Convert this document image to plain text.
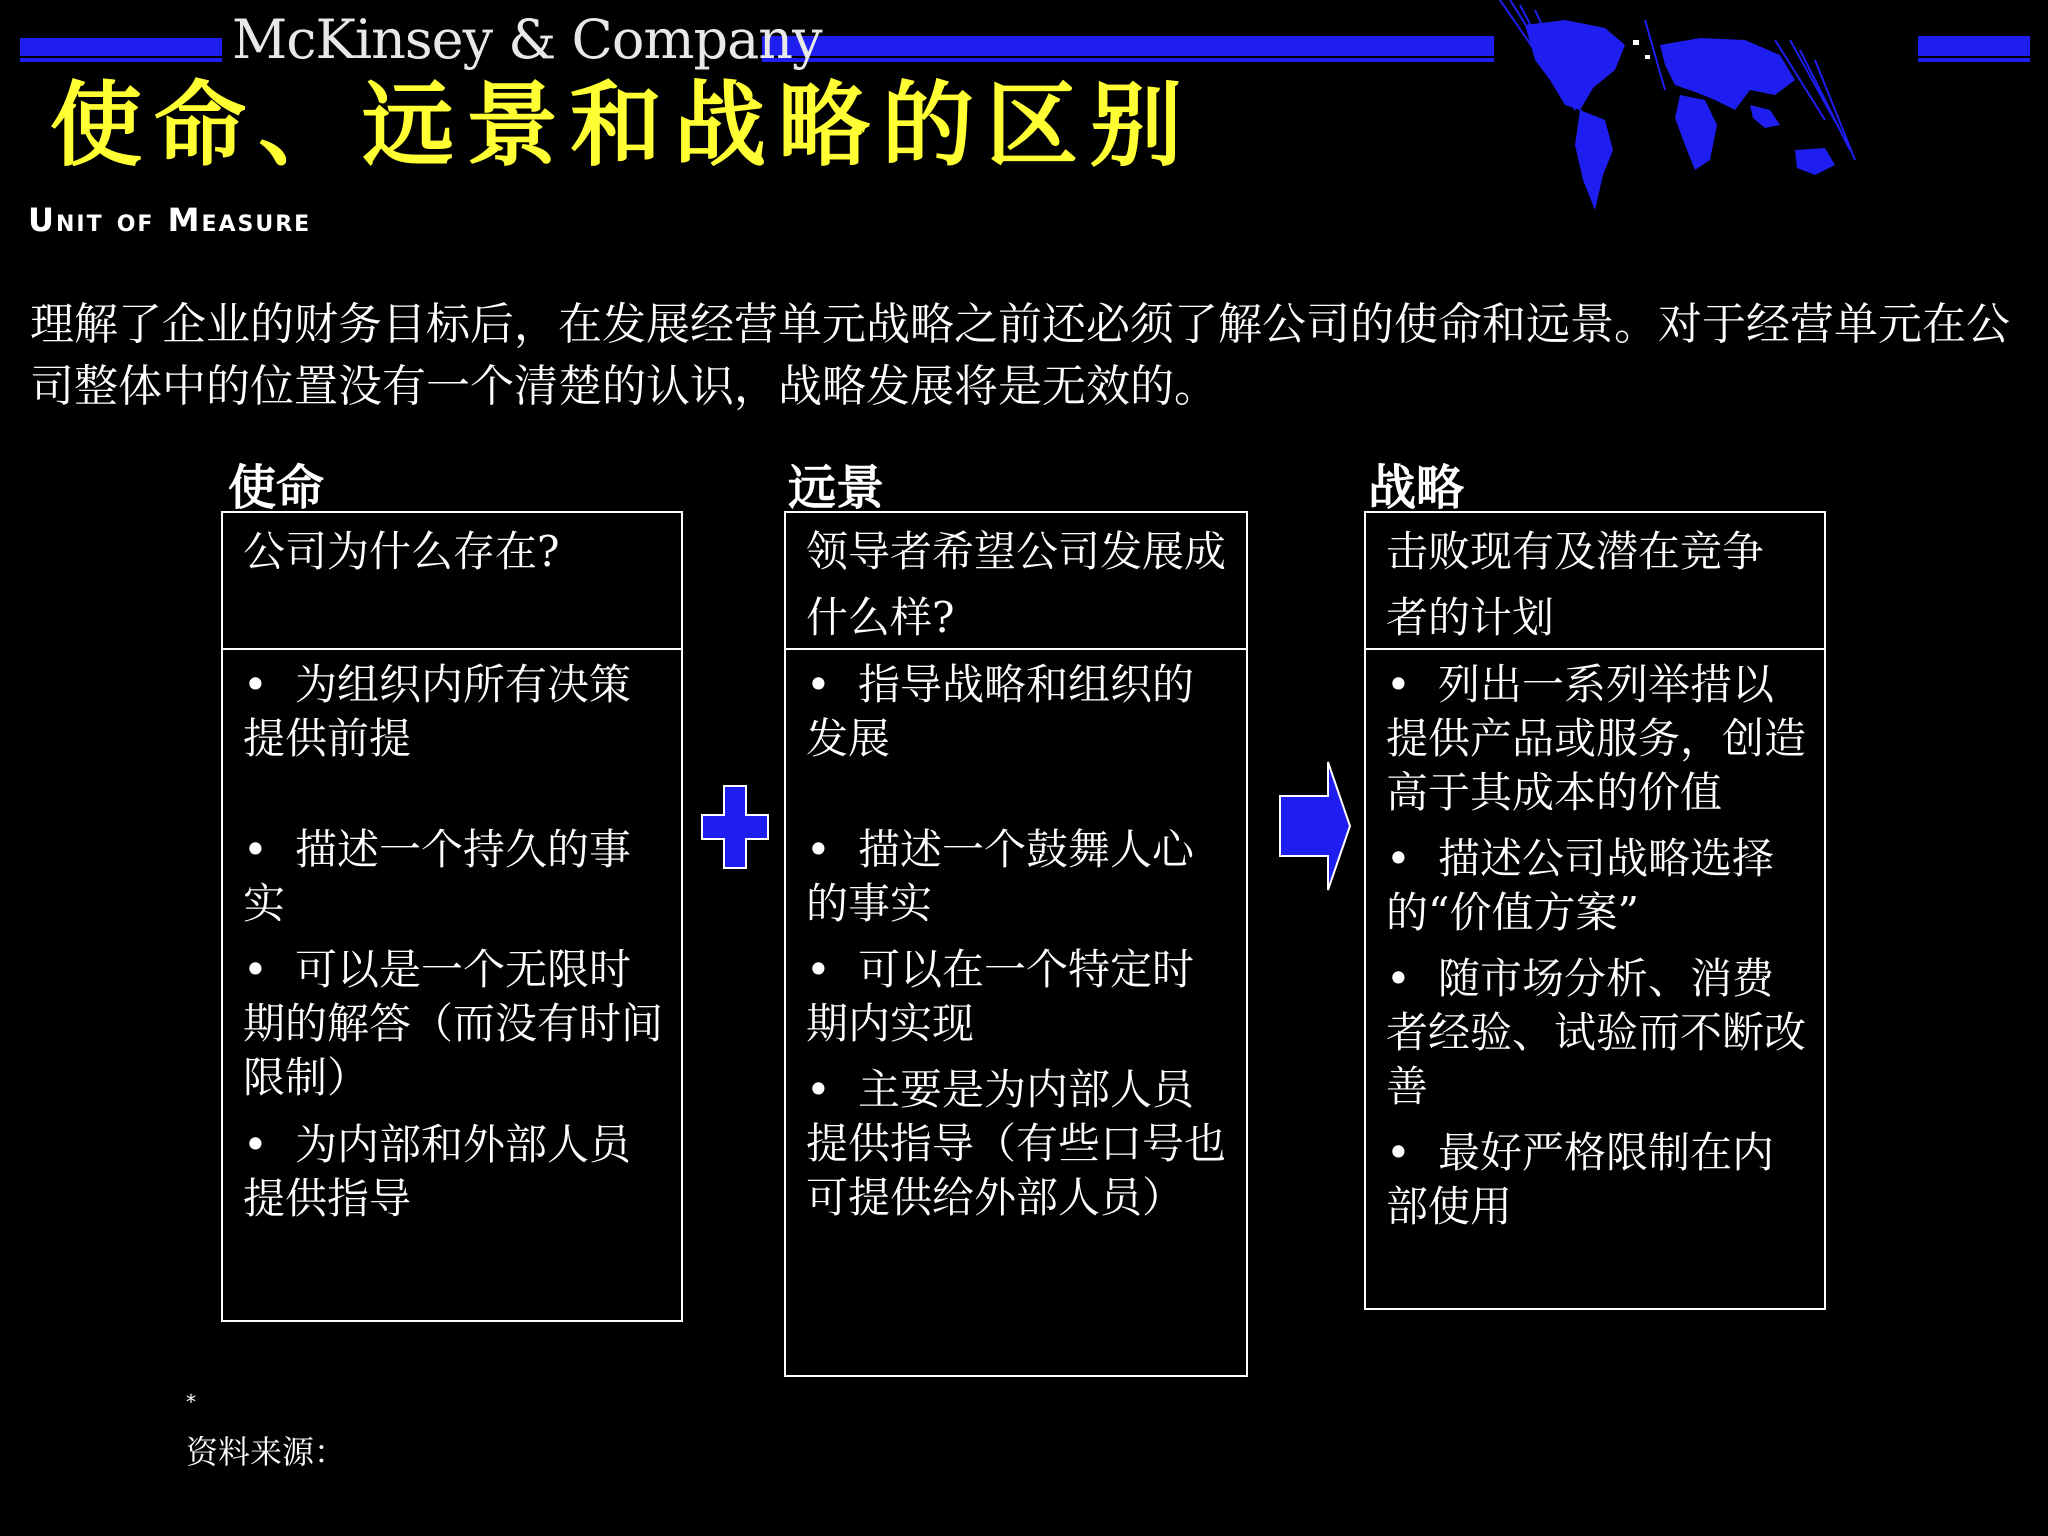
McKinsey & Company
使命、远景和战略的区别
Unit of Measure
理解了企业的财务目标后，在发展经营单元战略之前还必须了解公司的使命和远景。对于经营单元在公司整体中的位置没有一个清楚的认识，战略发展将是无效的。
使命	远景	战略
公司为什么存在?
• 为组织内所有决策提供前提
• 描述一个持久的事实
• 可以是一个无限时期的解答（而没有时间限制）
• 为内部和外部人员提供指导
领导者希望公司发展成什么样?
• 指导战略和组织的发展
• 描述一个鼓舞人心的事实
• 可以在一个特定时期内实现
• 主要是为内部人员提供指导（有些口号也可提供给外部人员）
击败现有及潜在竞争者的计划
• 列出一系列举措以提供产品或服务，创造高于其成本的价值
• 描述公司战略选择的“价值方案”
• 随市场分析、消费者经验、试验而不断改善
• 最好严格限制在内部使用
*
资料来源：
